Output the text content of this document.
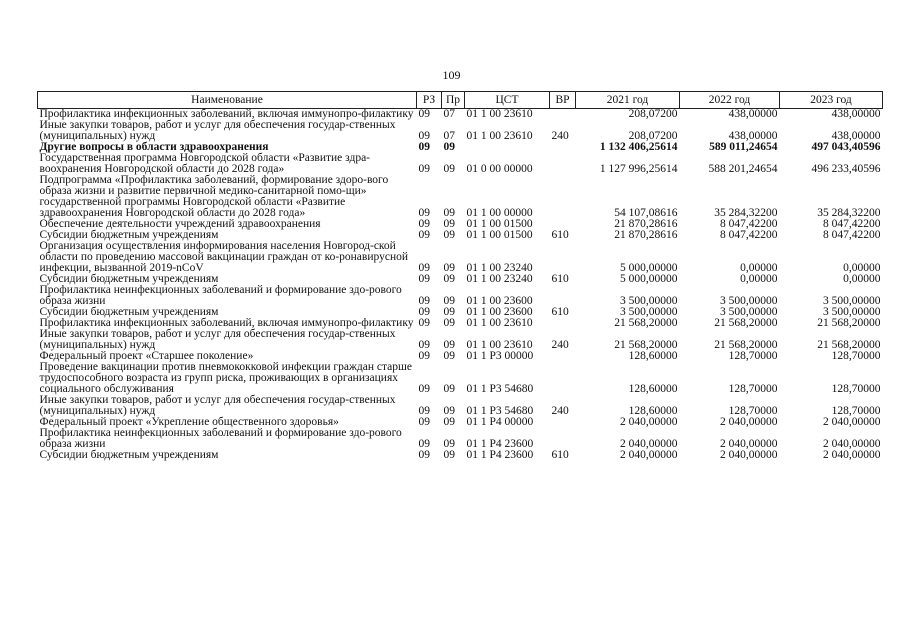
109
Наименование	РЗ	Пр	ЦСТ	ВР	2021 год	2022 год	2023 год
Профилактика инфекционных заболеваний, включая иммунопро-филактику	09	07	01 1 00 23610		208,07200	438,00000	438,00000
Иные закупки товаров, работ и услуг для обеспечения государ-ственных (муниципальных) нужд	09	07	01 1 00 23610	240	208,07200	438,00000	438,00000
Другие вопросы в области здравоохранения	09	09			1 132 406,25614	589 011,24654	497 043,40596
Государственная программа Новгородской области «Развитие здра-воохранения Новгородской области до 2028 года»	09	09	01 0 00 00000		1 127 996,25614	588 201,24654	496 233,40596
Подпрограмма «Профилактика заболеваний, формирование здоро-вого образа жизни и развитие первичной медико-санитарной помо-щи» государственной программы Новгородской области «Развитие здравоохранения Новгородской области до 2028 года»	09	09	01 1 00 00000		54 107,08616	35 284,32200	35 284,32200
Обеспечение деятельности учреждений здравоохранения	09	09	01 1 00 01500		21 870,28616	8 047,42200	8 047,42200
Субсидии бюджетным учреждениям	09	09	01 1 00 01500	610	21 870,28616	8 047,42200	8 047,42200
Организация осуществления информирования населения Новгород-ской области по проведению массовой вакцинации граждан от ко-ронавирусной инфекции, вызванной 2019-nCoV	09	09	01 1 00 23240		5 000,00000	0,00000	0,00000
Субсидии бюджетным учреждениям	09	09	01 1 00 23240	610	5 000,00000	0,00000	0,00000
Профилактика неинфекционных заболеваний и формирование здо-рового образа жизни	09	09	01 1 00 23600		3 500,00000	3 500,00000	3 500,00000
Субсидии бюджетным учреждениям	09	09	01 1 00 23600	610	3 500,00000	3 500,00000	3 500,00000
Профилактика инфекционных заболеваний, включая иммунопро-филактику	09	09	01 1 00 23610		21 568,20000	21 568,20000	21 568,20000
Иные закупки товаров, работ и услуг для обеспечения государ-ственных (муниципальных) нужд	09	09	01 1 00 23610	240	21 568,20000	21 568,20000	21 568,20000
Федеральный проект «Старшее поколение»	09	09	01 1 P3 00000		128,60000	128,70000	128,70000
Проведение вакцинации против пневмококковой инфекции граждан старше трудоспособного возраста из групп риска, проживающих в организациях социального обслуживания	09	09	01 1 P3 54680		128,60000	128,70000	128,70000
Иные закупки товаров, работ и услуг для обеспечения государ-ственных (муниципальных) нужд	09	09	01 1 P3 54680	240	128,60000	128,70000	128,70000
Федеральный проект «Укрепление общественного здоровья»	09	09	01 1 P4 00000		2 040,00000	2 040,00000	2 040,00000
Профилактика неинфекционных заболеваний и формирование здо-рового образа жизни	09	09	01 1 P4 23600		2 040,00000	2 040,00000	2 040,00000
Субсидии бюджетным учреждениям	09	09	01 1 P4 23600	610	2 040,00000	2 040,00000	2 040,00000
